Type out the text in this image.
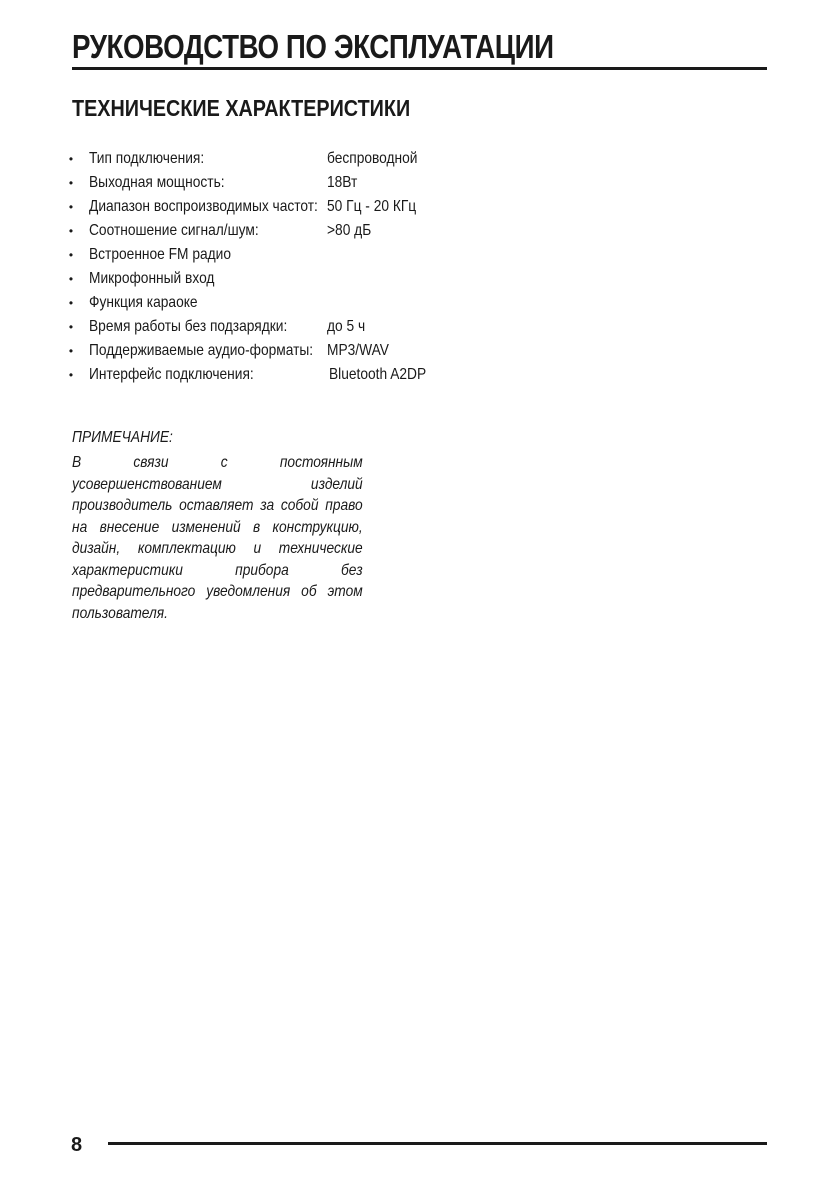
РУКОВОДСТВО ПО ЭКСПЛУАТАЦИИ
ТЕХНИЧЕСКИЕ ХАРАКТЕРИСТИКИ
• Тип подключения:	беспроводной
• Выходная мощность:	18Вт
• Диапазон воспроизводимых частот: 50 Гц - 20 КГц
• Соотношение сигнал/шум:	>80 дБ
• Встроенное FM радио
• Микрофонный вход
• Функция караоке
• Время работы без подзарядки: до 5 ч
• Поддерживаемые аудио-форматы: MP3/WAV
• Интерфейс подключения:	Bluetooth A2DP

ПРИМЕЧАНИЕ:

В связи с постоянным усовершенствованием изделий производитель оставляет за собой право на внесение изменений в конструкцию, дизайн, комплектацию и технические характеристики прибора без предварительного уведомления об этом пользователя.

8
